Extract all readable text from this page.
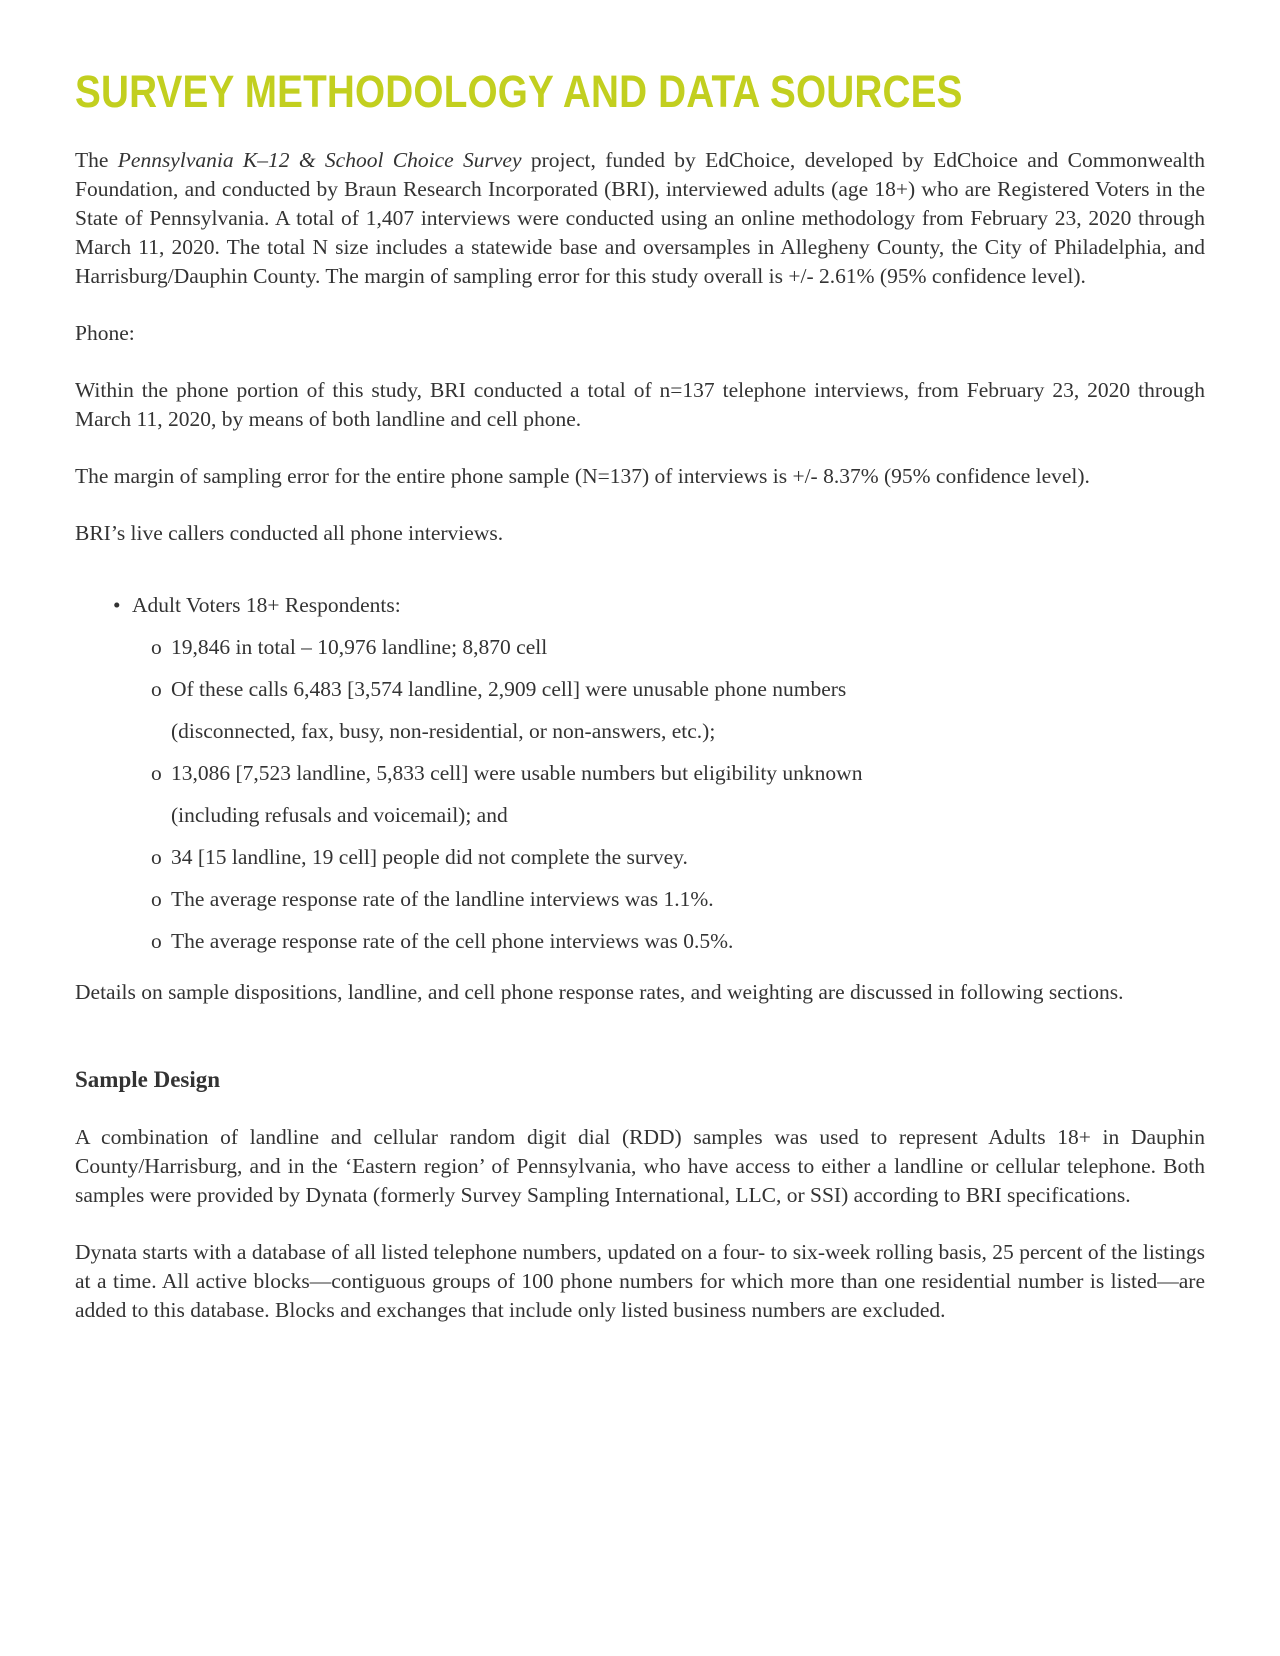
SURVEY METHODOLOGY AND DATA SOURCES

The Pennsylvania K–12 & School Choice Survey project, funded by EdChoice, developed by EdChoice and Commonwealth Foundation, and conducted by Braun Research Incorporated (BRI), interviewed adults (age 18+) who are Registered Voters in the State of Pennsylvania. A total of 1,407 interviews were conducted using an online methodology from February 23, 2020 through March 11, 2020. The total N size includes a statewide base and oversamples in Allegheny County, the City of Philadelphia, and Harrisburg/Dauphin County. The margin of sampling error for this study overall is +/- 2.61% (95% confidence level).

Phone:

Within the phone portion of this study, BRI conducted a total of n=137 telephone interviews, from February 23, 2020 through March 11, 2020, by means of both landline and cell phone.

The margin of sampling error for the entire phone sample (N=137) of interviews is +/- 8.37% (95% confidence level).

BRI’s live callers conducted all phone interviews.

• Adult Voters 18+ Respondents:
o 19,846 in total – 10,976 landline; 8,870 cell
o Of these calls 6,483 [3,574 landline, 2,909 cell] were unusable phone numbers
(disconnected, fax, busy, non-residential, or non-answers, etc.);
o 13,086 [7,523 landline, 5,833 cell] were usable numbers but eligibility unknown
(including refusals and voicemail); and
o 34 [15 landline, 19 cell] people did not complete the survey.
o The average response rate of the landline interviews was 1.1%.
o The average response rate of the cell phone interviews was 0.5%.

Details on sample dispositions, landline, and cell phone response rates, and weighting are discussed in following sections.

Sample Design

A combination of landline and cellular random digit dial (RDD) samples was used to represent Adults 18+ in Dauphin County/Harrisburg, and in the ‘Eastern region’ of Pennsylvania, who have access to either a landline or cellular telephone. Both samples were provided by Dynata (formerly Survey Sampling International, LLC, or SSI) according to BRI specifications.

Dynata starts with a database of all listed telephone numbers, updated on a four- to six-week rolling basis, 25 percent of the listings at a time. All active blocks—contiguous groups of 100 phone numbers for which more than one residential number is listed—are added to this database. Blocks and exchanges that include only listed business numbers are excluded.
